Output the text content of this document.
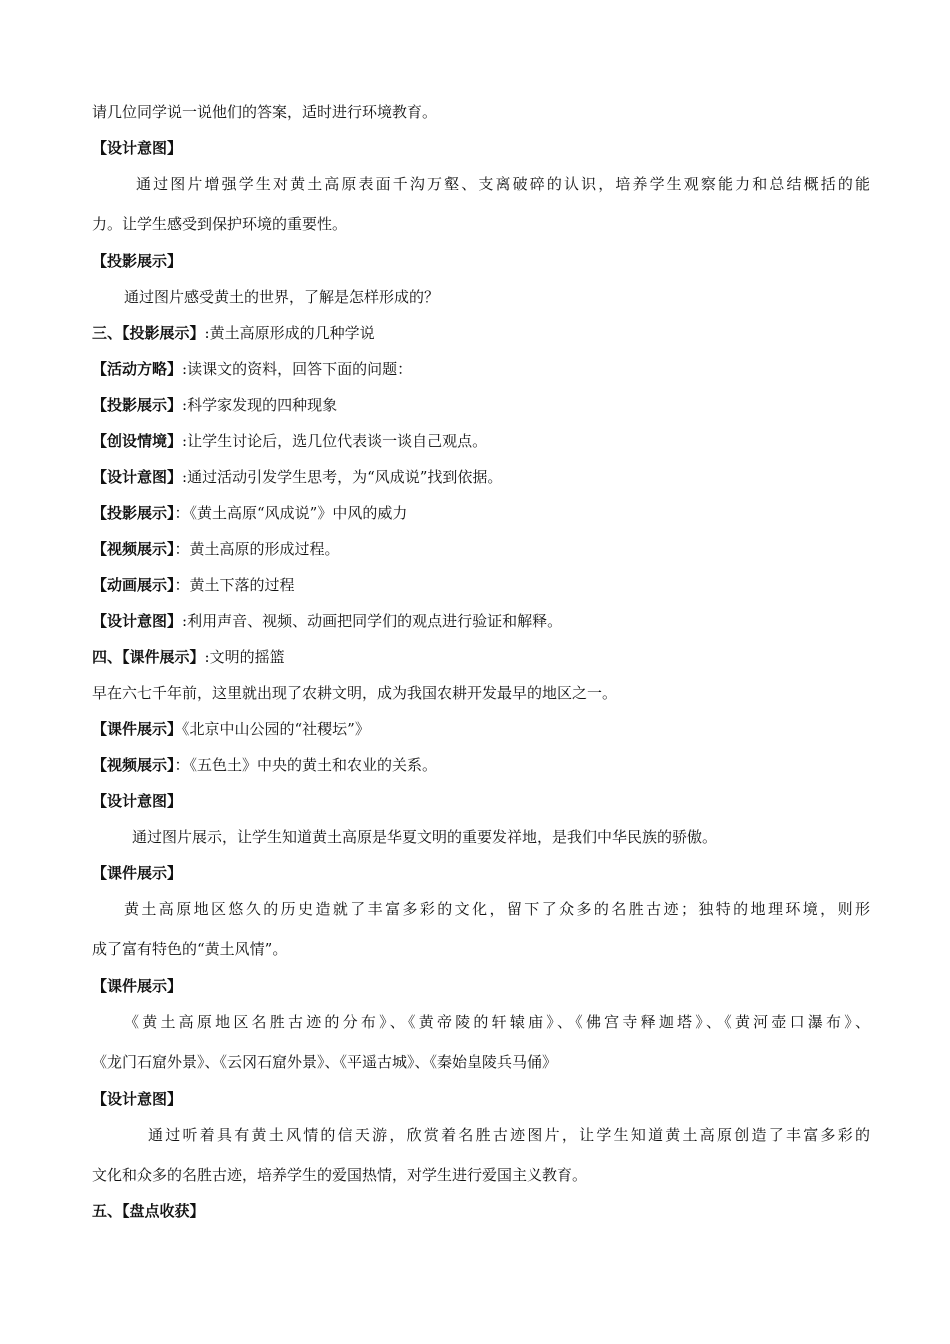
请几位同学说一说他们的答案，适时进行环境教育。
【设计意图】
通过图片增强学生对黄土高原表面千沟万壑、支离破碎的认识，培养学生观察能力和总结概括的能
力。让学生感受到保护环境的重要性。
【投影展示】
通过图片感受黄土的世界，了解是怎样形成的？
三、【投影展示】:黄土高原形成的几种学说
【活动方略】:读课文的资料，回答下面的问题：
【投影展示】:科学家发现的四种现象
【创设情境】:让学生讨论后，选几位代表谈一谈自己观点。
【设计意图】:通过活动引发学生思考，为“风成说”找到依据。
【投影展示】：《黄土高原“风成说”》中风的威力
【视频展示】：黄土高原的形成过程。
【动画展示】：黄土下落的过程
【设计意图】:利用声音、视频、动画把同学们的观点进行验证和解释。
四、【课件展示】:文明的摇篮
早在六七千年前，这里就出现了农耕文明，成为我国农耕开发最早的地区之一。
【课件展示】《北京中山公园的“社稷坛”》
【视频展示】：《五色土》中央的黄土和农业的关系。
【设计意图】
通过图片展示，让学生知道黄土高原是华夏文明的重要发祥地，是我们中华民族的骄傲。
【课件展示】
黄土高原地区悠久的历史造就了丰富多彩的文化，留下了众多的名胜古迹；独特的地理环境，则形
成了富有特色的“黄土风情”。
【课件展示】
《黄土高原地区名胜古迹的分布》、《黄帝陵的轩辕庙》、《佛宫寺释迦塔》、《黄河壶口瀑布》、
《龙门石窟外景》、《云冈石窟外景》、《平遥古城》、《秦始皇陵兵马俑》
【设计意图】
通过听着具有黄土风情的信天游，欣赏着名胜古迹图片，让学生知道黄土高原创造了丰富多彩的
文化和众多的名胜古迹，培养学生的爱国热情，对学生进行爱国主义教育。
五、【盘点收获】
